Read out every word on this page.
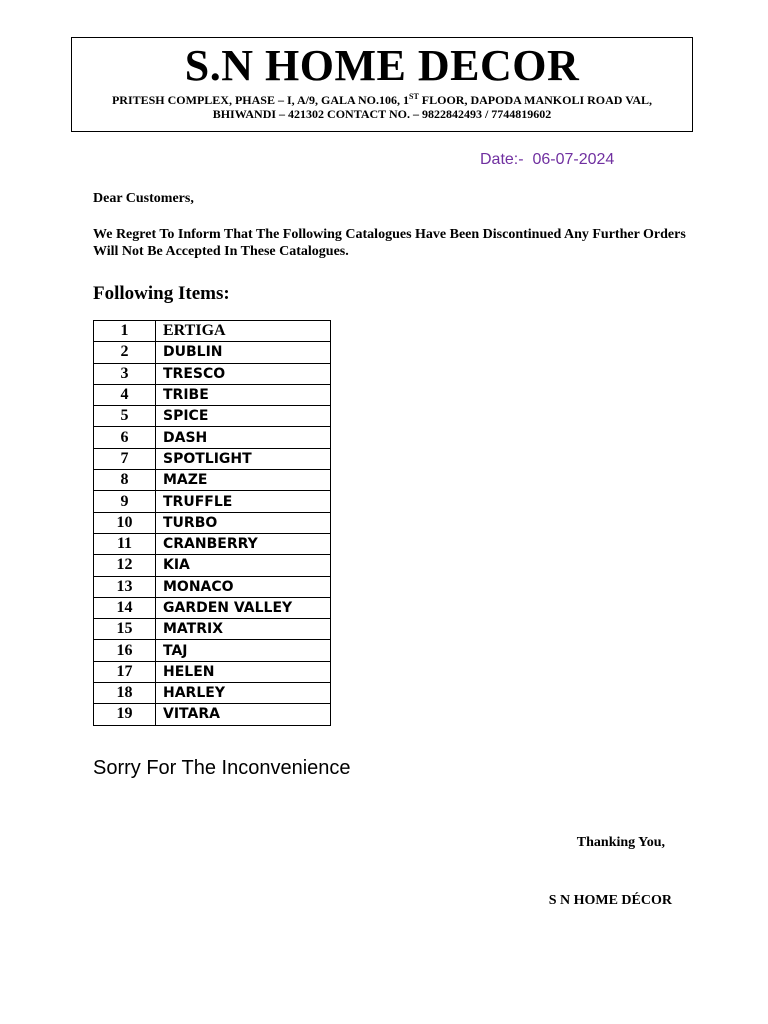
S.N HOME DECOR
PRITESH COMPLEX, PHASE – I, A/9, GALA NO.106, 1ST FLOOR, DAPODA MANKOLI ROAD VAL,
BHIWANDI – 421302 CONTACT NO. – 9822842493 / 7744819602
Date:-  06-07-2024
Dear Customers,
We Regret To Inform That The Following Catalogues Have Been Discontinued Any Further Orders Will Not Be Accepted In These Catalogues.
Following Items:
1	ERTIGA
2	DUBLIN
3	TRESCO
4	TRIBE
5	SPICE
6	DASH
7	SPOTLIGHT
8	MAZE
9	TRUFFLE
10	TURBO
11	CRANBERRY
12	KIA
13	MONACO
14	GARDEN VALLEY
15	MATRIX
16	TAJ
17	HELEN
18	HARLEY
19	VITARA
Sorry For The Inconvenience
Thanking You,
S N HOME DÉCOR
